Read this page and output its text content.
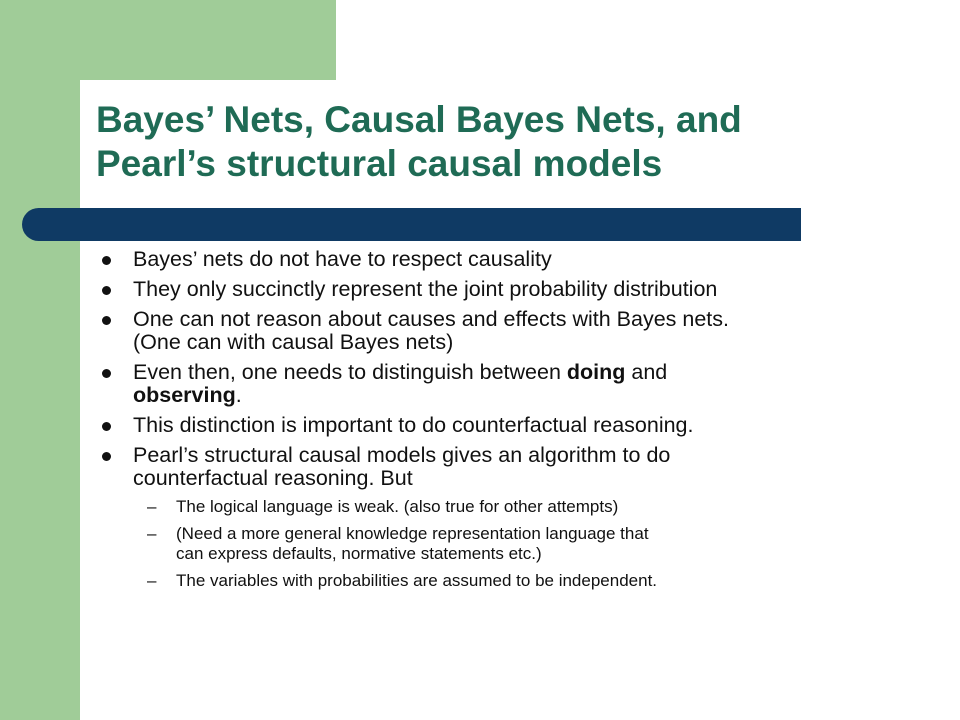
Bayes’ Nets, Causal Bayes Nets, and
Pearl’s structural causal models
Bayes’ nets do not have to respect causality
They only succinctly represent the joint probability distribution
One can not reason about causes and effects with Bayes nets.
(One can with causal Bayes nets)
Even then, one needs to distinguish between doing and
observing.
This distinction is important to do counterfactual reasoning.
Pearl’s structural causal models gives an algorithm to do
counterfactual reasoning. But
– The logical language is weak. (also true for other attempts)
– (Need a more general knowledge representation language that
can express defaults, normative statements etc.)
– The variables with probabilities are assumed to be independent.
